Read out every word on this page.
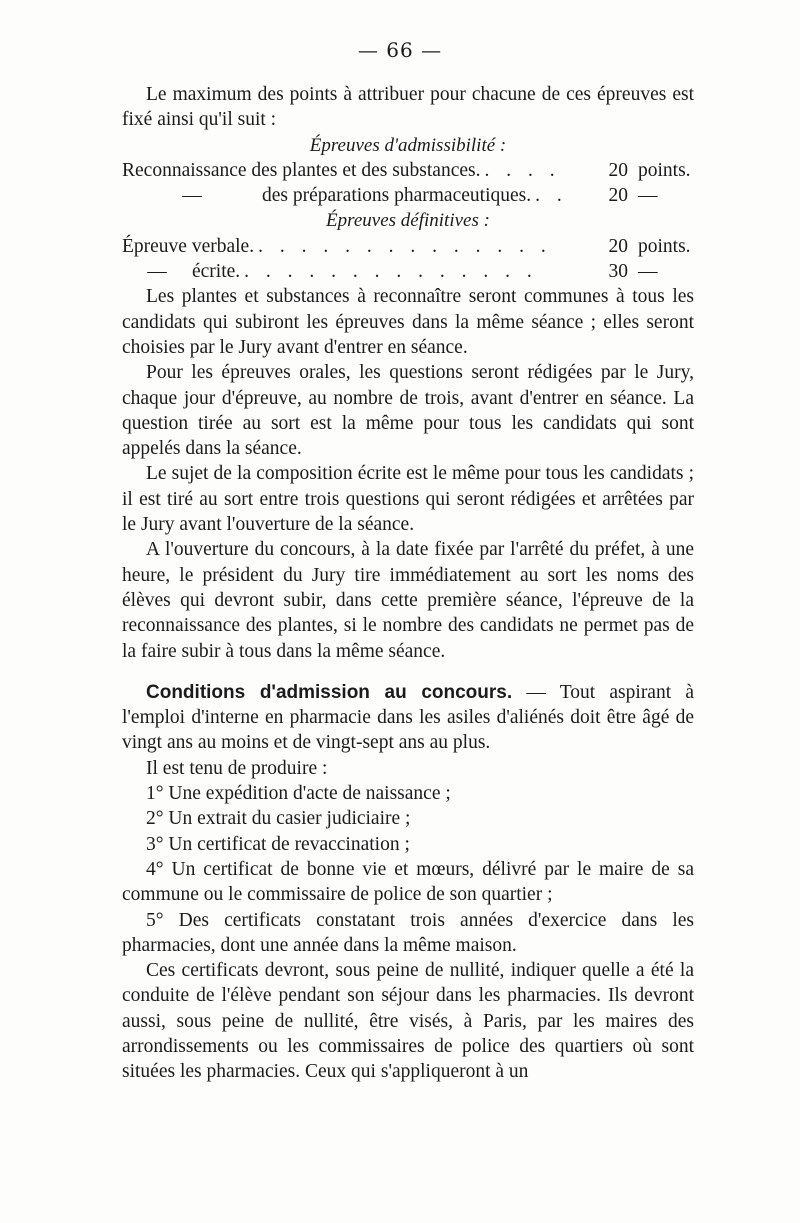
— 66 —

Le maximum des points à attribuer pour chacune de ces épreuves est fixé ainsi qu'il suit :

Épreuves d'admissibilité :

Reconnaissance des plantes et des substances. . . . .	20 points.
—	des préparations pharmaceutiques. . .	20 —

Épreuves définitives :

Épreuve verbale. . . . . . . . . . . . . . .	20 points.
— écrite. . . . . . . . . . . . . . .	30 —

Les plantes et substances à reconnaître seront communes à tous les candidats qui subiront les épreuves dans la même séance ; elles seront choisies par le Jury avant d'entrer en séance.

Pour les épreuves orales, les questions seront rédigées par le Jury, chaque jour d'épreuve, au nombre de trois, avant d'entrer en séance. La question tirée au sort est la même pour tous les candidats qui sont appelés dans la séance.

Le sujet de la composition écrite est le même pour tous les candidats ; il est tiré au sort entre trois questions qui seront rédigées et arrêtées par le Jury avant l'ouverture de la séance.

A l'ouverture du concours, à la date fixée par l'arrêté du préfet, à une heure, le président du Jury tire immédiatement au sort les noms des élèves qui devront subir, dans cette première séance, l'épreuve de la reconnaissance des plantes, si le nombre des candidats ne permet pas de la faire subir à tous dans la même séance.

Conditions d'admission au concours. — Tout aspirant à l'emploi d'interne en pharmacie dans les asiles d'aliénés doit être âgé de vingt ans au moins et de vingt-sept ans au plus.

Il est tenu de produire :

1° Une expédition d'acte de naissance ;

2° Un extrait du casier judiciaire ;

3° Un certificat de revaccination ;

4° Un certificat de bonne vie et mœurs, délivré par le maire de sa commune ou le commissaire de police de son quartier ;

5° Des certificats constatant trois années d'exercice dans les pharmacies, dont une année dans la même maison.

Ces certificats devront, sous peine de nullité, indiquer quelle a été la conduite de l'élève pendant son séjour dans les pharmacies. Ils devront aussi, sous peine de nullité, être visés, à Paris, par les maires des arrondissements ou les commissaires de police des quartiers où sont situées les pharmacies. Ceux qui s'appliqueront à un
